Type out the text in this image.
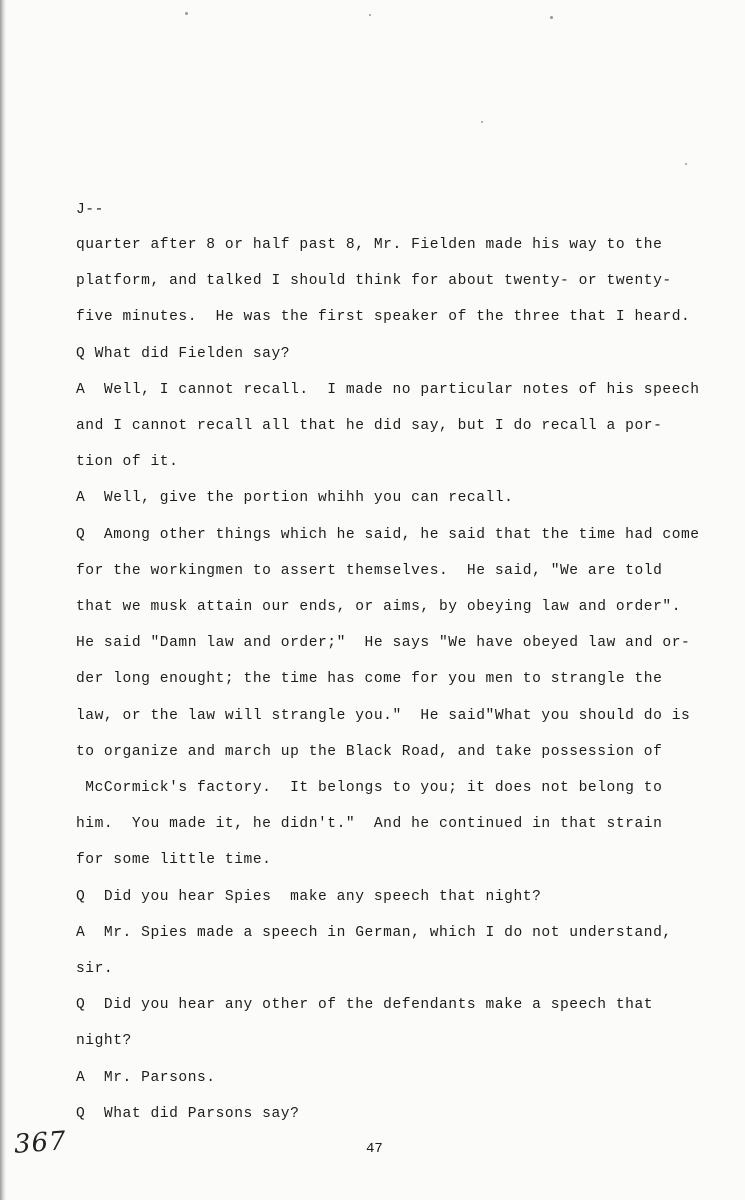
J--
quarter after 8 or half past 8, Mr. Fielden made his way to the
platform, and talked I should think for about twenty- or twenty-
five minutes.  He was the first speaker of the three that I heard.
Q What did Fielden say?
A  Well, I cannot recall.  I made no particular notes of his speech
and I cannot recall all that he did say, but I do recall a por-
tion of it.
A  Well, give the portion whihh you can recall.
Q  Among other things which he said, he said that the time had come
for the workingmen to assert themselves.  He said, "We are told
that we musk attain our ends, or aims, by obeying law and order".
He said "Damn law and order;"  He says "We have obeyed law and or-
der long enought; the time has come for you men to strangle the
law, or the law will strangle you."  He said"What you should do is
to organize and march up the Black Road, and take possession of
McCormick's factory.  It belongs to you; it does not belong to
him.  You made it, he didn't."  And he continued in that strain
for some little time.
Q  Did you hear Spies  make any speech that night?
A  Mr. Spies made a speech in German, which I do not understand,
sir.
Q  Did you hear any other of the defendants make a speech that
night?
A  Mr. Parsons.
Q  What did Parsons say?
47
367
